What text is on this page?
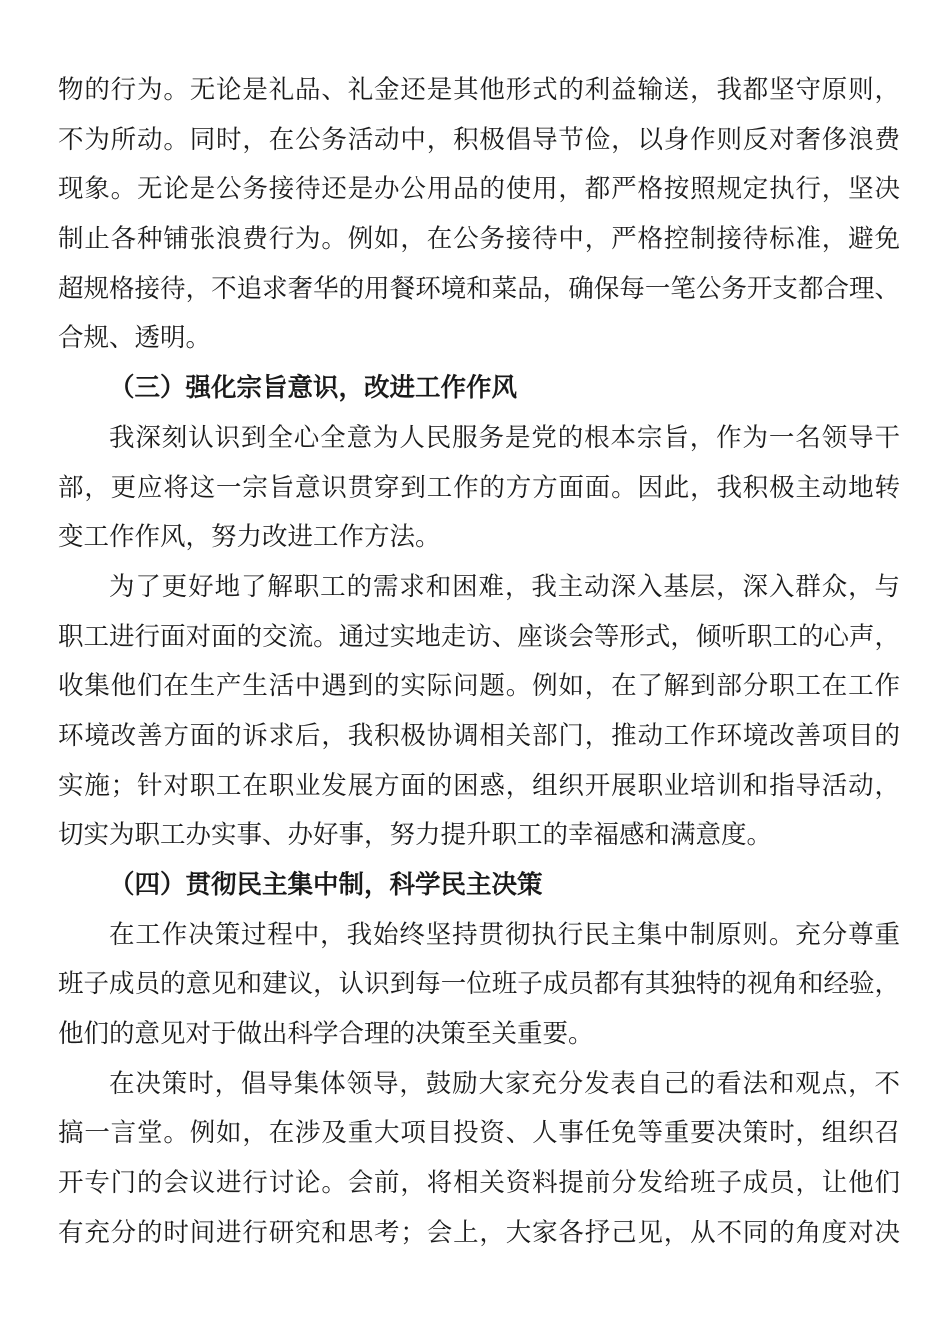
物的行为。无论是礼品、礼金还是其他形式的利益输送，我都坚守原则，
不为所动。同时，在公务活动中，积极倡导节俭，以身作则反对奢侈浪费
现象。无论是公务接待还是办公用品的使用，都严格按照规定执行，坚决
制止各种铺张浪费行为。例如，在公务接待中，严格控制接待标准，避免
超规格接待，不追求奢华的用餐环境和菜品，确保每一笔公务开支都合理、
合规、透明。
（三）强化宗旨意识，改进工作作风
我深刻认识到全心全意为人民服务是党的根本宗旨，作为一名领导干
部，更应将这一宗旨意识贯穿到工作的方方面面。因此，我积极主动地转
变工作作风，努力改进工作方法。
为了更好地了解职工的需求和困难，我主动深入基层，深入群众，与
职工进行面对面的交流。通过实地走访、座谈会等形式，倾听职工的心声，
收集他们在生产生活中遇到的实际问题。例如，在了解到部分职工在工作
环境改善方面的诉求后，我积极协调相关部门，推动工作环境改善项目的
实施；针对职工在职业发展方面的困惑，组织开展职业培训和指导活动，
切实为职工办实事、办好事，努力提升职工的幸福感和满意度。
（四）贯彻民主集中制，科学民主决策
在工作决策过程中，我始终坚持贯彻执行民主集中制原则。充分尊重
班子成员的意见和建议，认识到每一位班子成员都有其独特的视角和经验，
他们的意见对于做出科学合理的决策至关重要。
在决策时，倡导集体领导，鼓励大家充分发表自己的看法和观点，不
搞一言堂。例如，在涉及重大项目投资、人事任免等重要决策时，组织召
开专门的会议进行讨论。会前，将相关资料提前分发给班子成员，让他们
有充分的时间进行研究和思考；会上，大家各抒己见，从不同的角度对决
